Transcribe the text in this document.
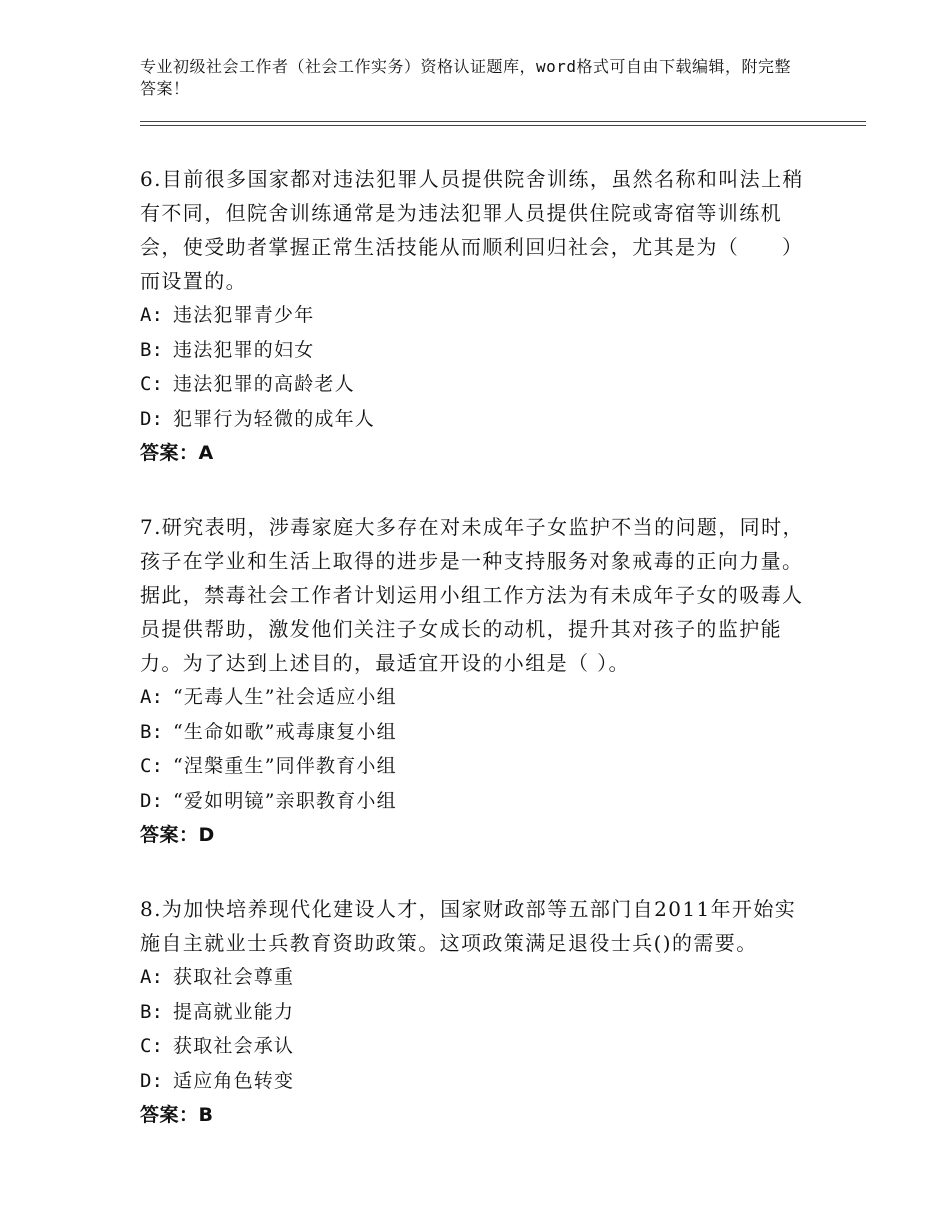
专业初级社会工作者（社会工作实务）资格认证题库，word格式可自由下载编辑，附完整答案！

6.目前很多国家都对违法犯罪人员提供院舍训练，虽然名称和叫法上稍有不同，但院舍训练通常是为违法犯罪人员提供住院或寄宿等训练机会，使受助者掌握正常生活技能从而顺利回归社会，尤其是为（　　）而设置的。

A: 违法犯罪青少年

B: 违法犯罪的妇女

C: 违法犯罪的高龄老人

D: 犯罪行为轻微的成年人

答案：A

7.研究表明，涉毒家庭大多存在对未成年子女监护不当的问题，同时，孩子在学业和生活上取得的进步是一种支持服务对象戒毒的正向力量。据此，禁毒社会工作者计划运用小组工作方法为有未成年子女的吸毒人员提供帮助，激发他们关注子女成长的动机，提升其对孩子的监护能力。为了达到上述目的，最适宜开设的小组是（ ）。

A: “无毒人生”社会适应小组

B: “生命如歌”戒毒康复小组

C: “涅槃重生”同伴教育小组

D: “爱如明镜”亲职教育小组

答案：D

8.为加快培养现代化建设人才，国家财政部等五部门自2011年开始实施自主就业士兵教育资助政策。这项政策满足退役士兵()的需要。

A: 获取社会尊重

B: 提高就业能力

C: 获取社会承认

D: 适应角色转变

答案：B
